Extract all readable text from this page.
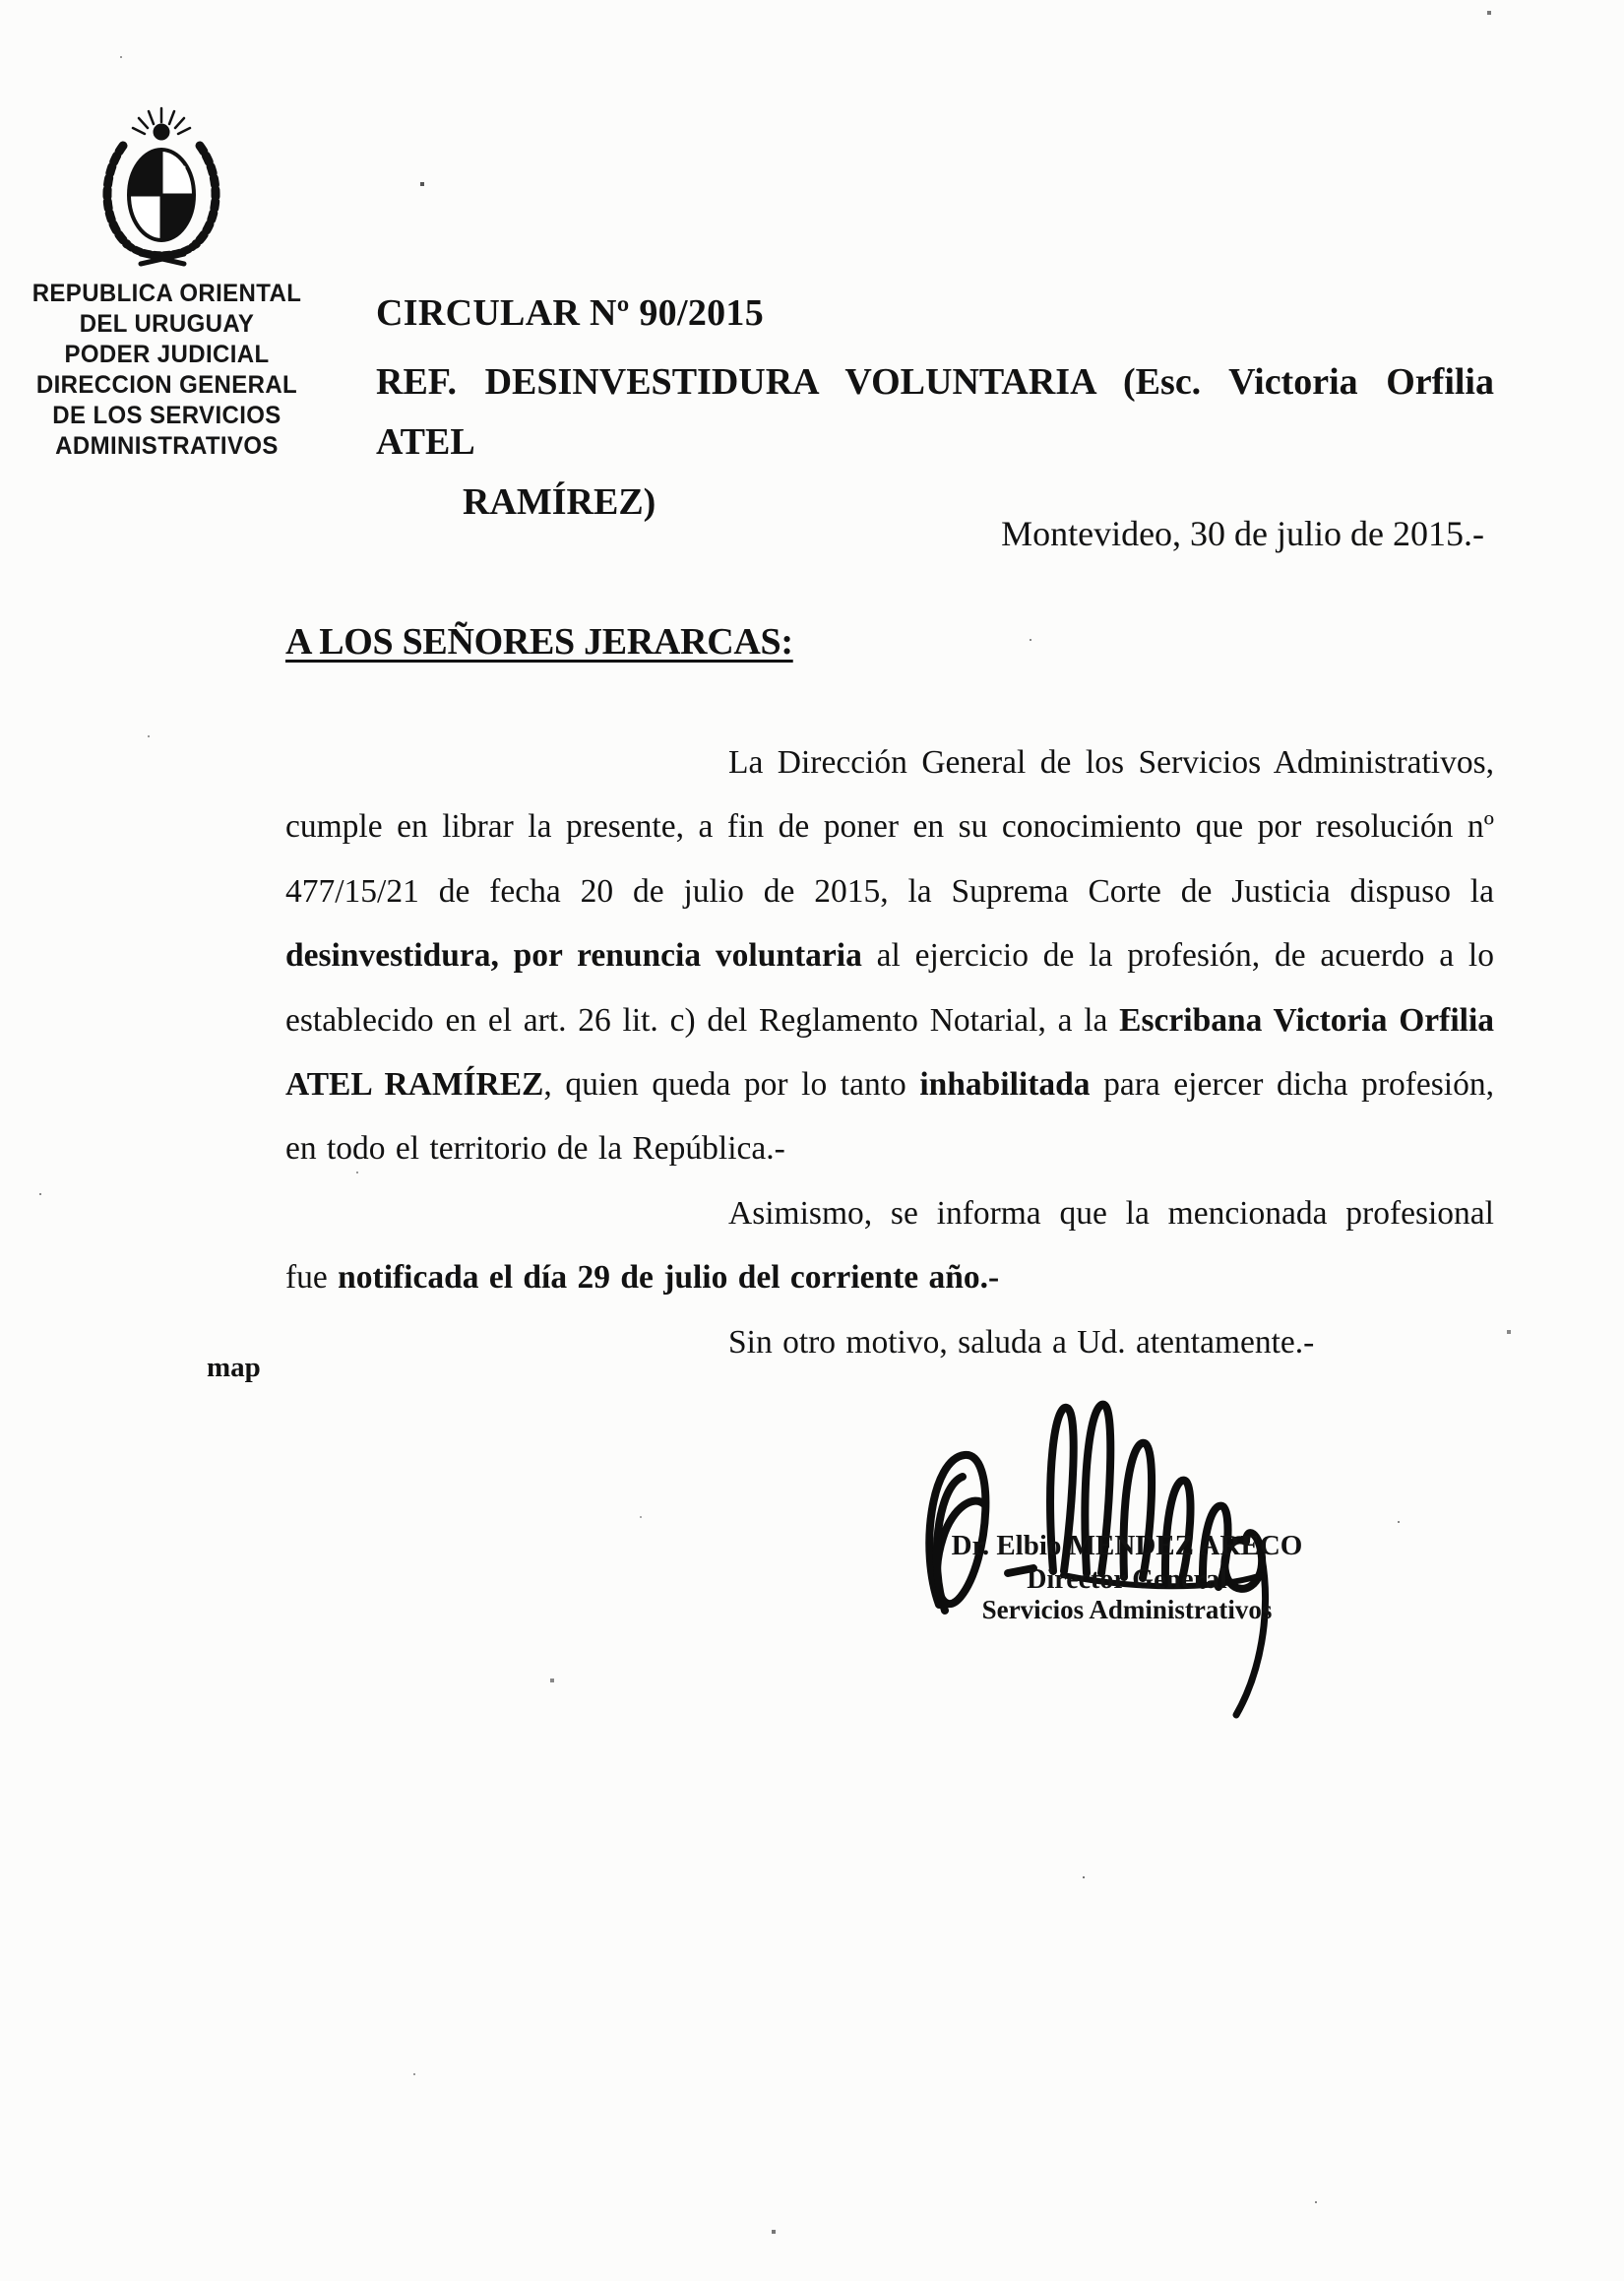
REPUBLICA ORIENTAL
DEL URUGUAY
PODER JUDICIAL
DIRECCION GENERAL
DE LOS SERVICIOS
ADMINISTRATIVOS
CIRCULAR Nº 90/2015
REF. DESINVESTIDURA VOLUNTARIA (Esc. Victoria Orfilia ATEL
RAMÍREZ)
Montevideo, 30 de julio de 2015.-
A LOS SEÑORES JERARCAS:

La Dirección General de los Servicios Administrativos, cumple en librar la presente, a fin de poner en su conocimiento que por resolución nº 477/15/21 de fecha 20 de julio de 2015, la Suprema Corte de Justicia dispuso la desinvestidura, por renuncia voluntaria al ejercicio de la profesión, de acuerdo a lo establecido en el art. 26 lit. c) del Reglamento Notarial, a la Escribana Victoria Orfilia ATEL RAMÍREZ, quien queda por lo tanto inhabilitada para ejercer dicha profesión, en todo el territorio de la República.-

Asimismo, se informa que la mencionada profesional fue notificada el día 29 de julio del corriente año.-

Sin otro motivo, saluda a Ud. atentamente.-

map
Dr. Elbio MENDEZ ARECO
Director General
Servicios Administrativos
